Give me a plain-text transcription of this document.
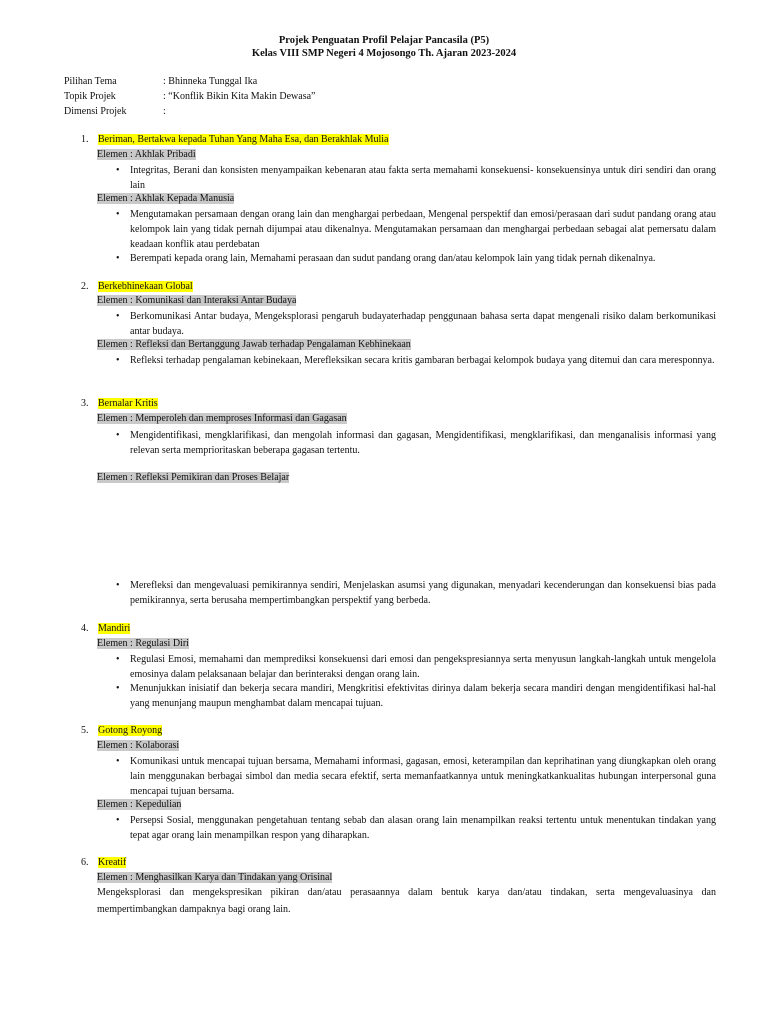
Projek Penguatan Profil Pelajar Pancasila (P5)
Kelas VIII SMP Negeri 4 Mojosongo Th. Ajaran 2023-2024
Pilihan Tema	: Bhinneka Tunggal Ika
Topik Projek	: “Konflik Bikin Kita Makin Dewasa”
Dimensi Projek	:
1. Beriman, Bertakwa kepada Tuhan Yang Maha Esa, dan Berakhlak Mulia
Elemen : Akhlak Pribadi
• Integritas, Berani dan konsisten menyampaikan kebenaran atau fakta serta memahami konsekuensi- konsekuensinya untuk diri sendiri dan orang lain
Elemen : Akhlak Kepada Manusia
• Mengutamakan persamaan dengan orang lain dan menghargai perbedaan, Mengenal perspektif dan emosi/perasaan dari sudut pandang orang atau kelompok lain yang tidak pernah dijumpai atau dikenalnya. Mengutamakan persamaan dan menghargai perbedaan sebagai alat pemersatu dalam keadaan konflik atau perdebatan
• Berempati kepada orang lain, Memahami perasaan dan sudut pandang orang dan/atau kelompok lain yang tidak pernah dikenalnya.
2. Berkebhinekaan Global
Elemen : Komunikasi dan Interaksi Antar Budaya
• Berkomunikasi Antar budaya, Mengeksplorasi pengaruh budayaterhadap penggunaan bahasa serta dapat mengenali risiko dalam berkomunikasi antar budaya.
Elemen : Refleksi dan Bertanggung Jawab terhadap Pengalaman Kebhinekaan
• Refleksi terhadap pengalaman kebinekaan, Merefleksikan secara kritis gambaran berbagai kelompok budaya yang ditemui dan cara meresponnya.
3. Bernalar Kritis
Elemen : Memperoleh dan memproses Informasi dan Gagasan
• Mengidentifikasi, mengklarifikasi, dan mengolah informasi dan gagasan, Mengidentifikasi, mengklarifikasi, dan menganalisis informasi yang relevan serta memprioritaskan beberapa gagasan tertentu.
Elemen : Refleksi Pemikiran dan Proses Belajar
• Merefleksi dan mengevaluasi pemikirannya sendiri, Menjelaskan asumsi yang digunakan, menyadari kecenderungan dan konsekuensi bias pada pemikirannya, serta berusaha mempertimbangkan perspektif yang berbeda.
4. Mandiri
Elemen : Regulasi Diri
• Regulasi Emosi, memahami dan memprediksi konsekuensi dari emosi dan pengekspresiannya serta menyusun langkah-langkah untuk mengelola emosinya dalam pelaksanaan belajar dan berinteraksi dengan orang lain.
• Menunjukkan inisiatif dan bekerja secara mandiri, Mengkritisi efektivitas dirinya dalam bekerja secara mandiri dengan mengidentifikasi hal-hal yang menunjang maupun menghambat dalam mencapai tujuan.
5. Gotong Royong
Elemen : Kolaborasi
• Komunikasi untuk mencapai tujuan bersama, Memahami informasi, gagasan, emosi, keterampilan dan keprihatinan yang diungkapkan oleh orang lain menggunakan berbagai simbol dan media secara efektif, serta memanfaatkannya untuk meningkatkankualitas hubungan interpersonal guna mencapai tujuan bersama.
Elemen : Kepedulian
• Persepsi Sosial, menggunakan pengetahuan tentang sebab dan alasan orang lain menampilkan reaksi tertentu untuk menentukan tindakan yang tepat agar orang lain menampilkan respon yang diharapkan.
6. Kreatif
Elemen : Menghasilkan Karya dan Tindakan yang Orisinal
Mengeksplorasi dan mengekspresikan pikiran dan/atau perasaannya dalam bentuk karya dan/atau tindakan, serta mengevaluasinya dan mempertimbangkan dampaknya bagi orang lain.
